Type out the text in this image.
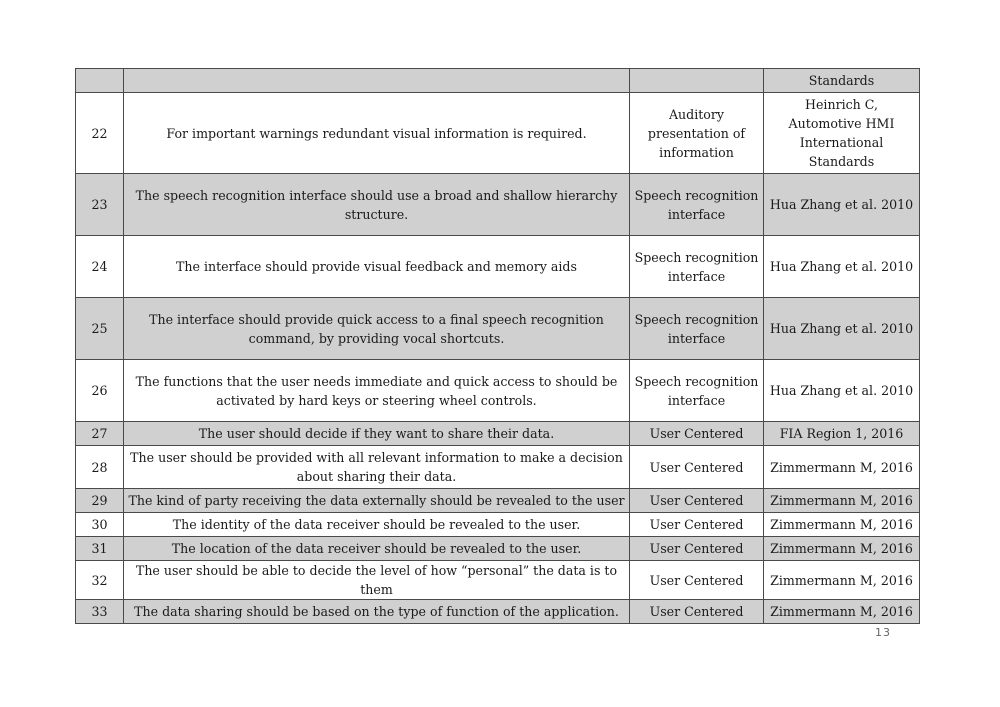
			Standards
22	For important warnings redundant visual information is required.	Auditory presentation of information	Heinrich C, Automotive HMI International Standards
23	The speech recognition interface should use a broad and shallow hierarchy structure.	Speech recognition interface	Hua Zhang et al. 2010
24	The interface should provide visual feedback and memory aids	Speech recognition interface	Hua Zhang et al. 2010
25	The interface should provide quick access to a final speech recognition command, by providing vocal shortcuts.	Speech recognition interface	Hua Zhang et al. 2010
26	The functions that the user needs immediate and quick access to should be activated by hard keys or steering wheel controls.	Speech recognition interface	Hua Zhang et al. 2010
27	The user should decide if they want to share their data.	User Centered	FIA Region 1, 2016
28	The user should be provided with all relevant information to make a decision about sharing their data.	User Centered	Zimmermann M, 2016
29	The kind of party receiving the data externally should be revealed to the user	User Centered	Zimmermann M, 2016
30	The identity of the data receiver should be revealed to the user.	User Centered	Zimmermann M, 2016
31	The location of the data receiver should be revealed to the user.	User Centered	Zimmermann M, 2016
32	The user should be able to decide the level of how “personal” the data is to them	User Centered	Zimmermann M, 2016
33	The data sharing should be based on the type of function of the application.	User Centered	Zimmermann M, 2016
13
